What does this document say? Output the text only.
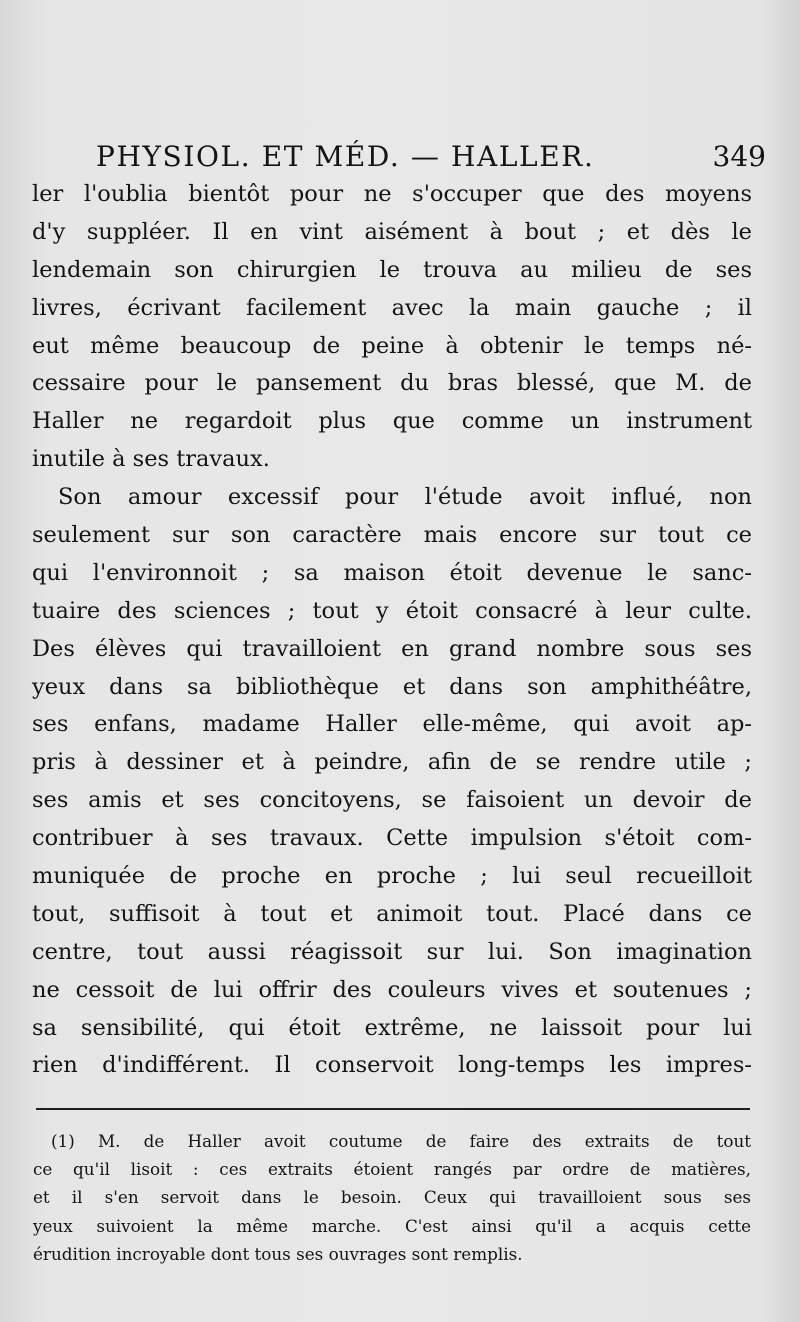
PHYSIOL. ET MÉD. — HALLER.	349
ler l'oublia bientôt pour ne s'occuper que des moyens
d'y suppléer. Il en vint aisément à bout ; et dès le
lendemain son chirurgien le trouva au milieu de ses
livres, écrivant facilement avec la main gauche ; il
eut même beaucoup de peine à obtenir le temps né-
cessaire pour le pansement du bras blessé, que M. de
Haller ne regardoit plus que comme un instrument
inutile à ses travaux.
Son amour excessif pour l'étude avoit influé, non
seulement sur son caractère mais encore sur tout ce
qui l'environnoit ; sa maison étoit devenue le sanc-
tuaire des sciences ; tout y étoit consacré à leur culte.
Des élèves qui travailloient en grand nombre sous ses
yeux dans sa bibliothèque et dans son amphithéâtre,
ses enfans, madame Haller elle-même, qui avoit ap-
pris à dessiner et à peindre, afin de se rendre utile ;
ses amis et ses concitoyens, se faisoient un devoir de
contribuer à ses travaux. Cette impulsion s'étoit com-
muniquée de proche en proche ; lui seul recueilloit
tout, suffisoit à tout et animoit tout. Placé dans ce
centre, tout aussi réagissoit sur lui. Son imagination
ne cessoit de lui offrir des couleurs vives et soutenues ;
sa sensibilité, qui étoit extrême, ne laissoit pour lui
rien d'indifférent. Il conservoit long-temps les impres-
(1) M. de Haller avoit coutume de faire des extraits de tout
ce qu'il lisoit : ces extraits étoient rangés par ordre de matières,
et il s'en servoit dans le besoin. Ceux qui travailloient sous ses
yeux suivoient la même marche. C'est ainsi qu'il a acquis cette
érudition incroyable dont tous ses ouvrages sont remplis.
